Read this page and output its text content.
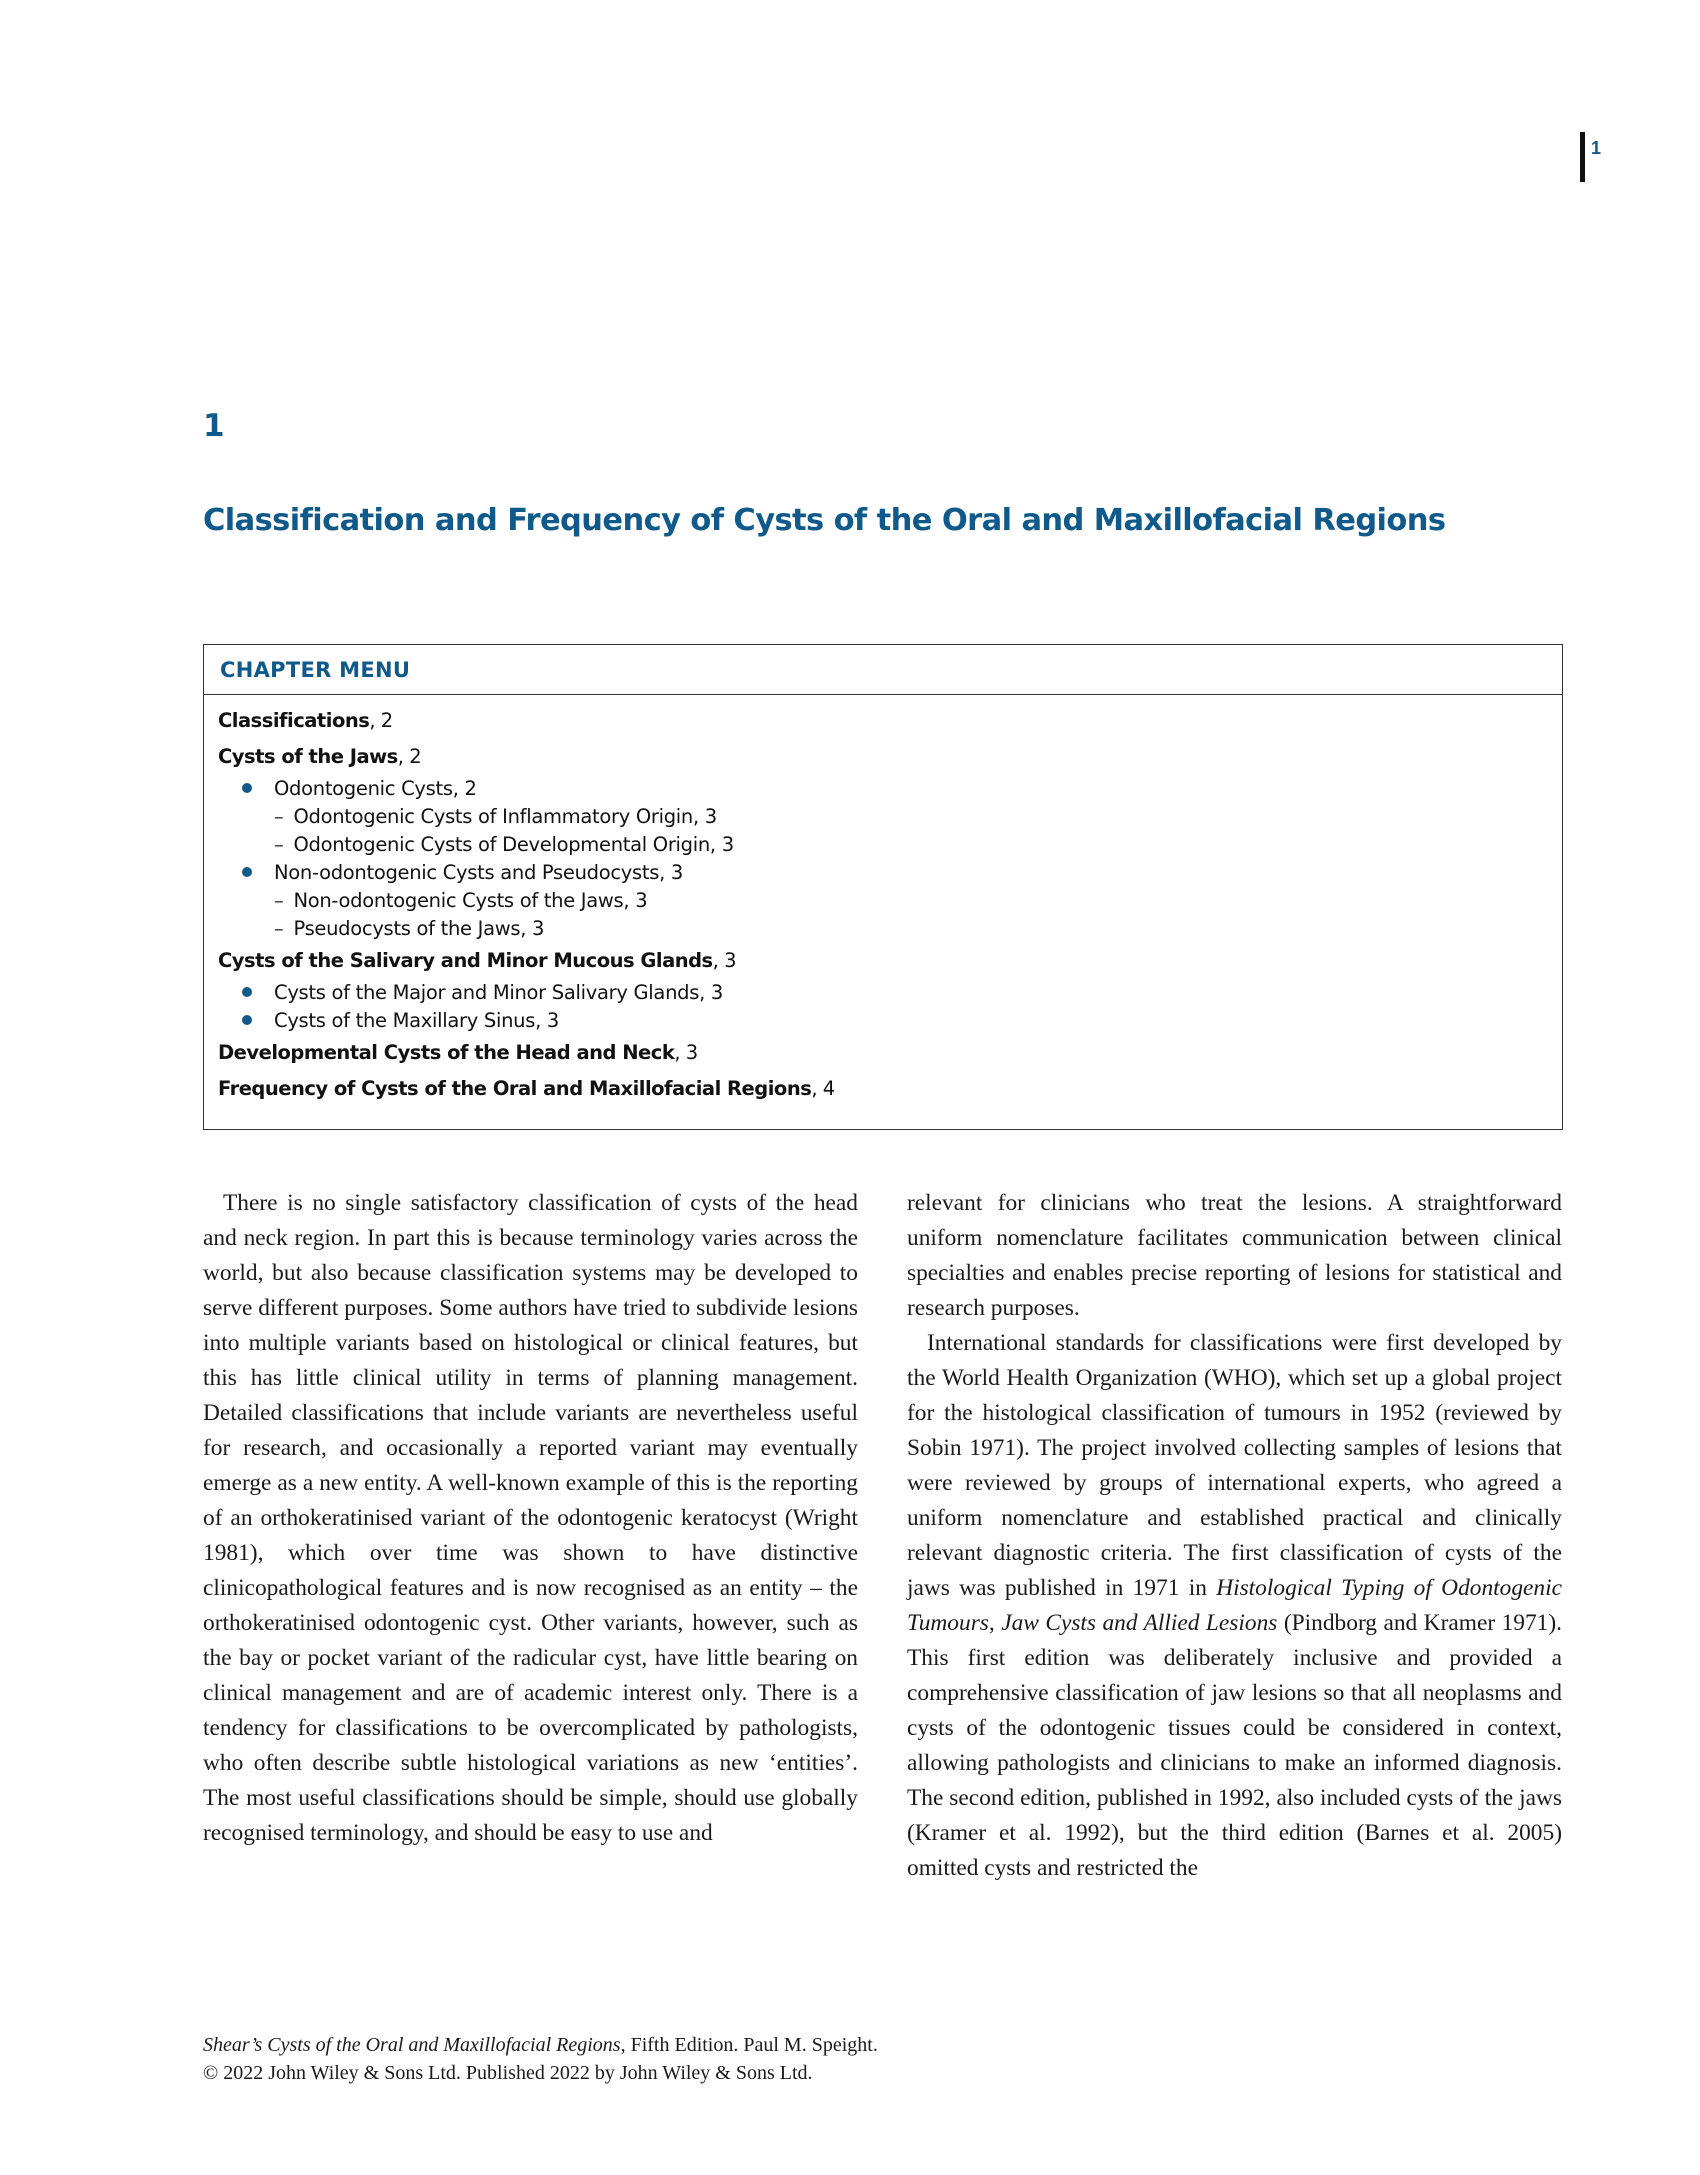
1
1
Classification and Frequency of Cysts of the Oral and Maxillofacial Regions
CHAPTER MENU
Classifications, 2
Cysts of the Jaws, 2
Odontogenic Cysts, 2
– Odontogenic Cysts of Inflammatory Origin, 3
– Odontogenic Cysts of Developmental Origin, 3
Non-odontogenic Cysts and Pseudocysts, 3
– Non-odontogenic Cysts of the Jaws, 3
– Pseudocysts of the Jaws, 3
Cysts of the Salivary and Minor Mucous Glands, 3
Cysts of the Major and Minor Salivary Glands, 3
Cysts of the Maxillary Sinus, 3
Developmental Cysts of the Head and Neck, 3
Frequency of Cysts of the Oral and Maxillofacial Regions, 4

There is no single satisfactory classification of cysts of the head and neck region. In part this is because terminology varies across the world, but also because classification systems may be developed to serve different purposes. Some authors have tried to subdivide lesions into multiple variants based on histological or clinical features, but this has little clinical utility in terms of planning management. Detailed classifications that include variants are nevertheless useful for research, and occasionally a reported variant may eventually emerge as a new entity. A well-known example of this is the reporting of an orthokeratinised variant of the odontogenic keratocyst (Wright 1981), which over time was shown to have distinctive clinicopathological features and is now recognised as an entity – the orthokeratinised odontogenic cyst. Other variants, however, such as the bay or pocket variant of the radicular cyst, have little bearing on clinical management and are of academic interest only. There is a tendency for classifications to be overcomplicated by pathologists, who often describe subtle histological variations as new ‘entities’. The most useful classifications should be simple, should use globally recognised terminology, and should be easy to use and

relevant for clinicians who treat the lesions. A straightforward uniform nomenclature facilitates communication between clinical specialties and enables precise reporting of lesions for statistical and research purposes.

International standards for classifications were first developed by the World Health Organization (WHO), which set up a global project for the histological classification of tumours in 1952 (reviewed by Sobin 1971). The project involved collecting samples of lesions that were reviewed by groups of international experts, who agreed a uniform nomenclature and established practical and clinically relevant diagnostic criteria. The first classification of cysts of the jaws was published in 1971 in Histological Typing of Odontogenic Tumours, Jaw Cysts and Allied Lesions (Pindborg and Kramer 1971). This first edition was deliberately inclusive and provided a comprehensive classification of jaw lesions so that all neoplasms and cysts of the odontogenic tissues could be considered in context, allowing pathologists and clinicians to make an informed diagnosis. The second edition, published in 1992, also included cysts of the jaws (Kramer et al. 1992), but the third edition (Barnes et al. 2005) omitted cysts and restricted the

Shear’s Cysts of the Oral and Maxillofacial Regions, Fifth Edition. Paul M. Speight.
© 2022 John Wiley & Sons Ltd. Published 2022 by John Wiley & Sons Ltd.
